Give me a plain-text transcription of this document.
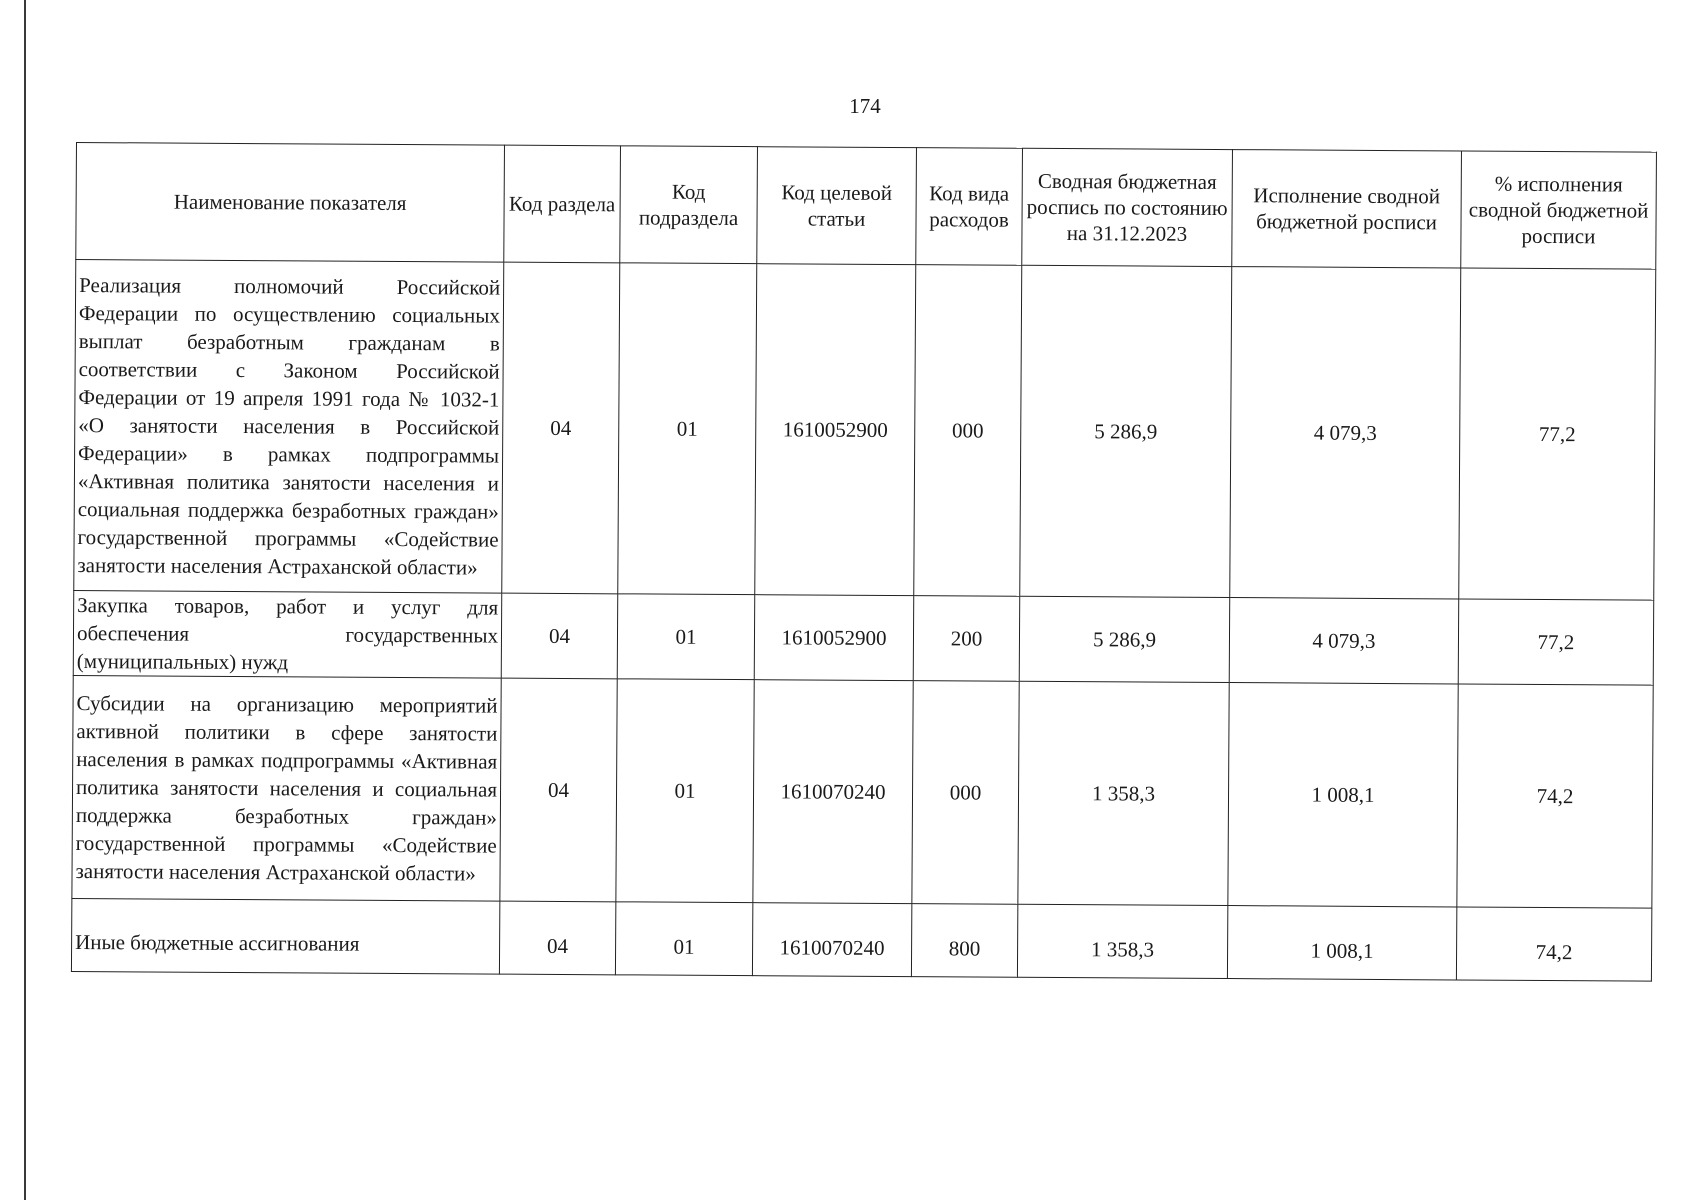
174
Наименование показателя	Код раздела	Код подраздела	Код целевой статьи	Код вида расходов	Сводная бюджетная роспись по состоянию на 31.12.2023	Исполнение сводной бюджетной росписи	% исполнения сводной бюджетной росписи
Реализация полномочий Российской Федерации по осуществлению социальных выплат безработным гражданам в соответствии с Законом Российской Федерации от 19 апреля 1991 года № 1032-1 «О занятости населения в Российской Федерации» в рамках подпрограммы «Активная политика занятости населения и социальная поддержка безработных граждан» государственной программы «Содействие занятости населения Астраханской области»	04	01	1610052900	000	5 286,9	4 079,3	77,2
Закупка товаров, работ и услуг для обеспечения государственных (муниципальных) нужд	04	01	1610052900	200	5 286,9	4 079,3	77,2
Субсидии на организацию мероприятий активной политики в сфере занятости населения в рамках подпрограммы «Активная политика занятости населения и социальная поддержка безработных граждан» государственной программы «Содействие занятости населения Астраханской области»	04	01	1610070240	000	1 358,3	1 008,1	74,2
Иные бюджетные ассигнования	04	01	1610070240	800	1 358,3	1 008,1	74,2
